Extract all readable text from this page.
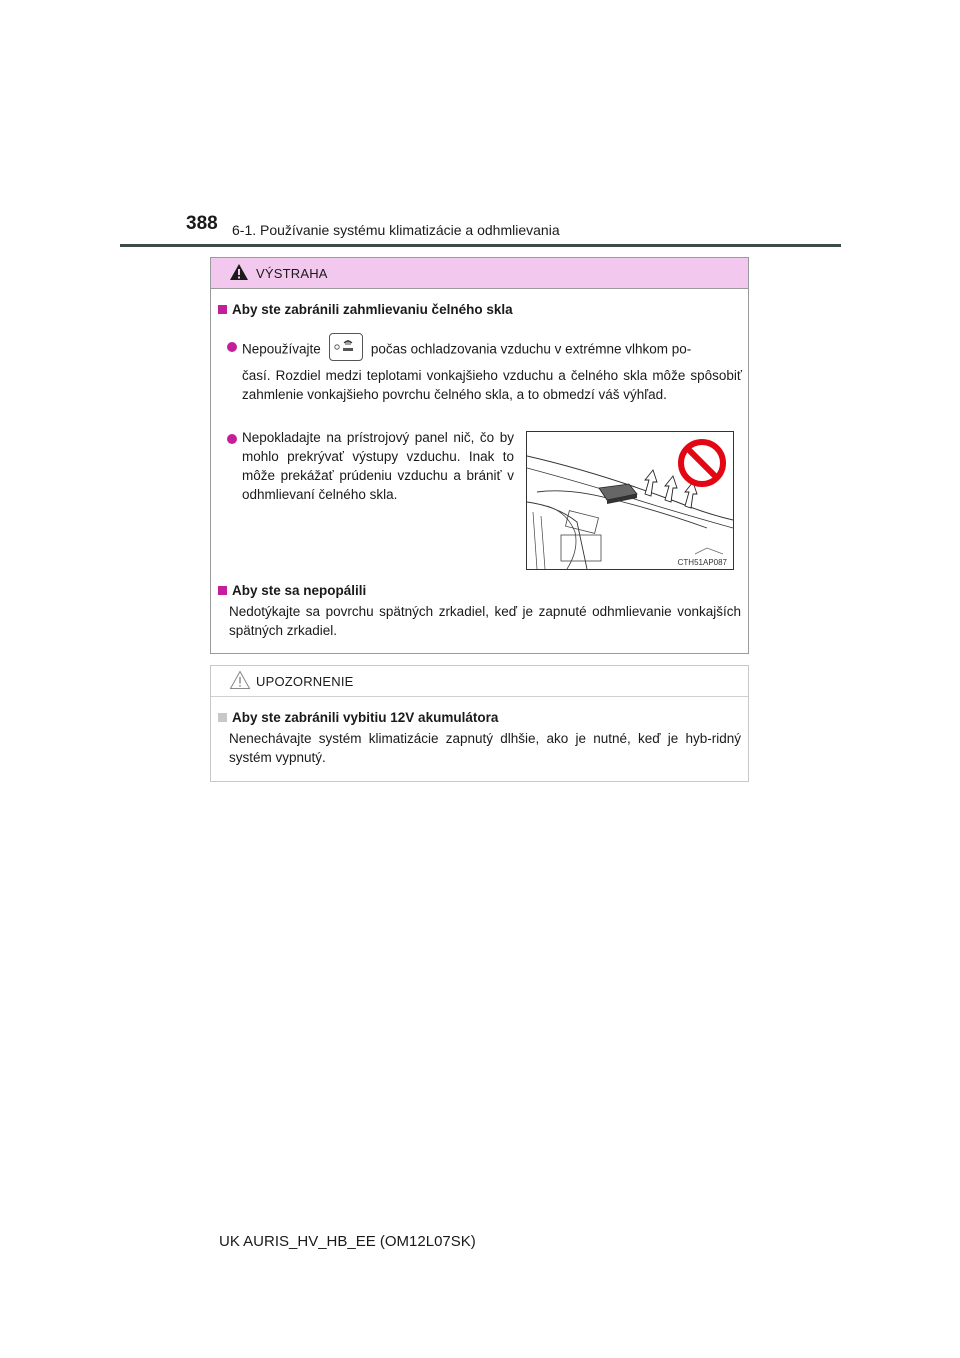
388 6-1. Používanie systému klimatizácie a odhmlievania
VÝSTRAHA
Aby ste zabránili zahmlievaniu čelného skla
Nepoužívajte	počas ochladzovania vzduchu v extrémne vlhkom po-
časí. Rozdiel medzi teplotami vonkajšieho vzduchu a čelného skla môže spôsobiť zahmlenie vonkajšieho povrchu čelného skla, a to obmedzí váš výhľad.
Nepokladajte na prístrojový panel nič, čo by mohlo prekrývať výstupy vzduchu. Inak to môže prekážať prúdeniu vzduchu a brániť v odhmlievaní čelného skla.
CTH51AP087
Aby ste sa nepopálili
Nedotýkajte sa povrchu spätných zrkadiel, keď je zapnuté odhmlievanie vonkajších spätných zrkadiel.
UPOZORNENIE
Aby ste zabránili vybitiu 12V akumulátora
Nenechávajte systém klimatizácie zapnutý dlhšie, ako je nutné, keď je hyb-ridný systém vypnutý.
UK AURIS_HV_HB_EE (OM12L07SK)
